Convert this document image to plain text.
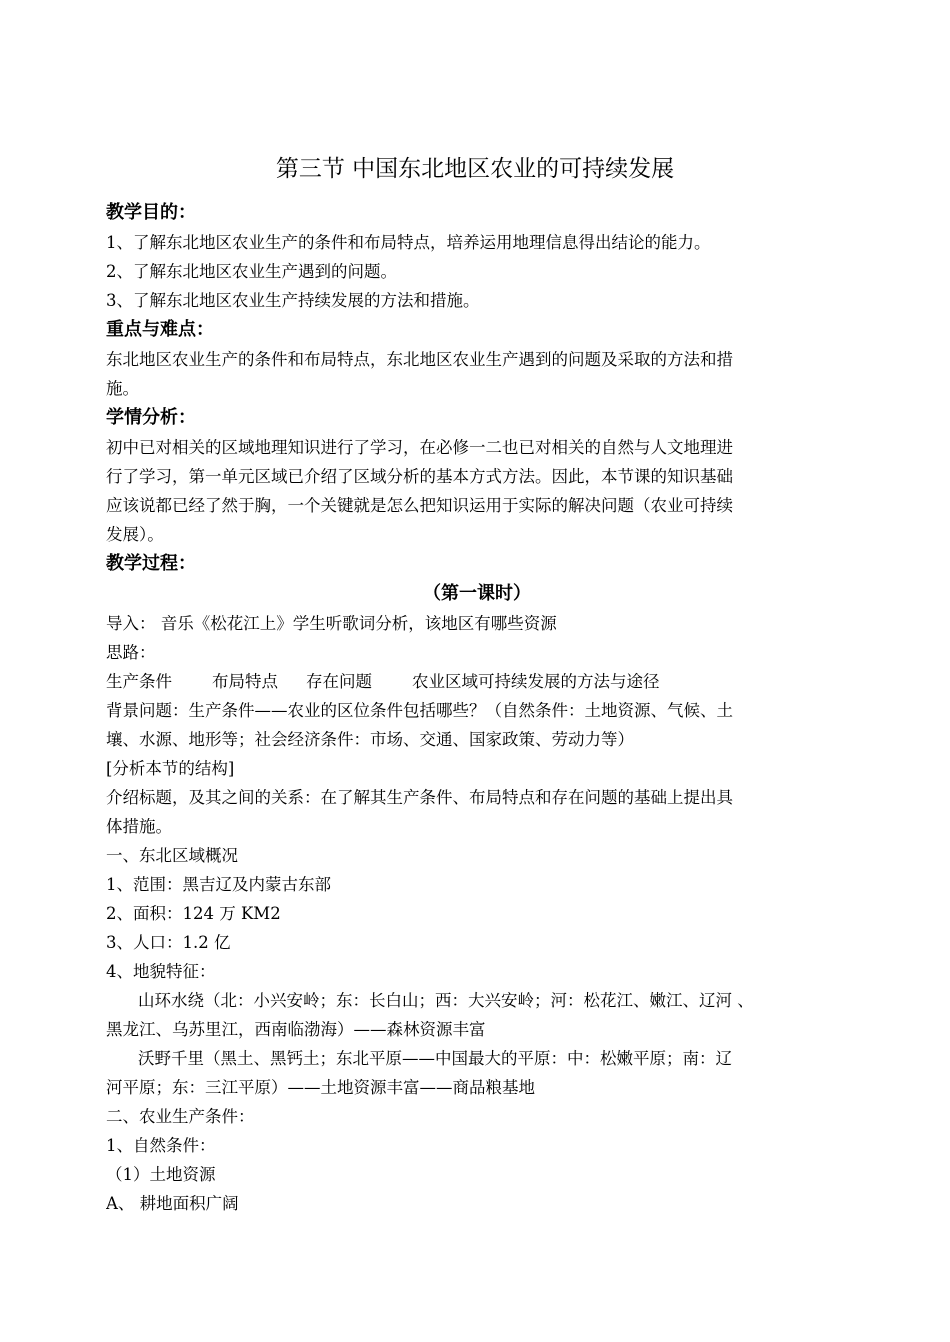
第三节 中国东北地区农业的可持续发展
教学目的：
1、了解东北地区农业生产的条件和布局特点，培养运用地理信息得出结论的能力。
2、了解东北地区农业生产遇到的问题。
3、了解东北地区农业生产持续发展的方法和措施。
重点与难点：
东北地区农业生产的条件和布局特点，东北地区农业生产遇到的问题及采取的方法和措
施。
学情分析：
初中已对相关的区域地理知识进行了学习，在必修一二也已对相关的自然与人文地理进
行了学习，第一单元区域已介绍了区域分析的基本方式方法。因此，本节课的知识基础
应该说都已经了然于胸，一个关键就是怎么把知识运用于实际的解决问题（农业可持续
发展）。
教学过程：
（第一课时）
导入： 音乐《松花江上》学生听歌词分析，该地区有哪些资源
思路：
生产条件 布局特点 存在问题 农业区域可持续发展的方法与途径
背景问题：生产条件——农业的区位条件包括哪些？（自然条件：土地资源、气候、土
壤、水源、地形等；社会经济条件：市场、交通、国家政策、劳动力等）
[分析本节的结构]
介绍标题，及其之间的关系：在了解其生产条件、布局特点和存在问题的基础上提出具
体措施。
一、东北区域概况
1、范围：黑吉辽及内蒙古东部
2、面积：124 万 KM2
3、人口：1.2 亿
4、地貌特征：
山环水绕（北：小兴安岭；东：长白山；西：大兴安岭；河：松花江、嫩江、辽河 、
黑龙江、乌苏里江，西南临渤海）——森林资源丰富
沃野千里（黑土、黑钙土；东北平原——中国最大的平原：中：松嫩平原；南：辽
河平原；东：三江平原）——土地资源丰富——商品粮基地
二、农业生产条件：
1、自然条件：
（1）土地资源
A、 耕地面积广阔
